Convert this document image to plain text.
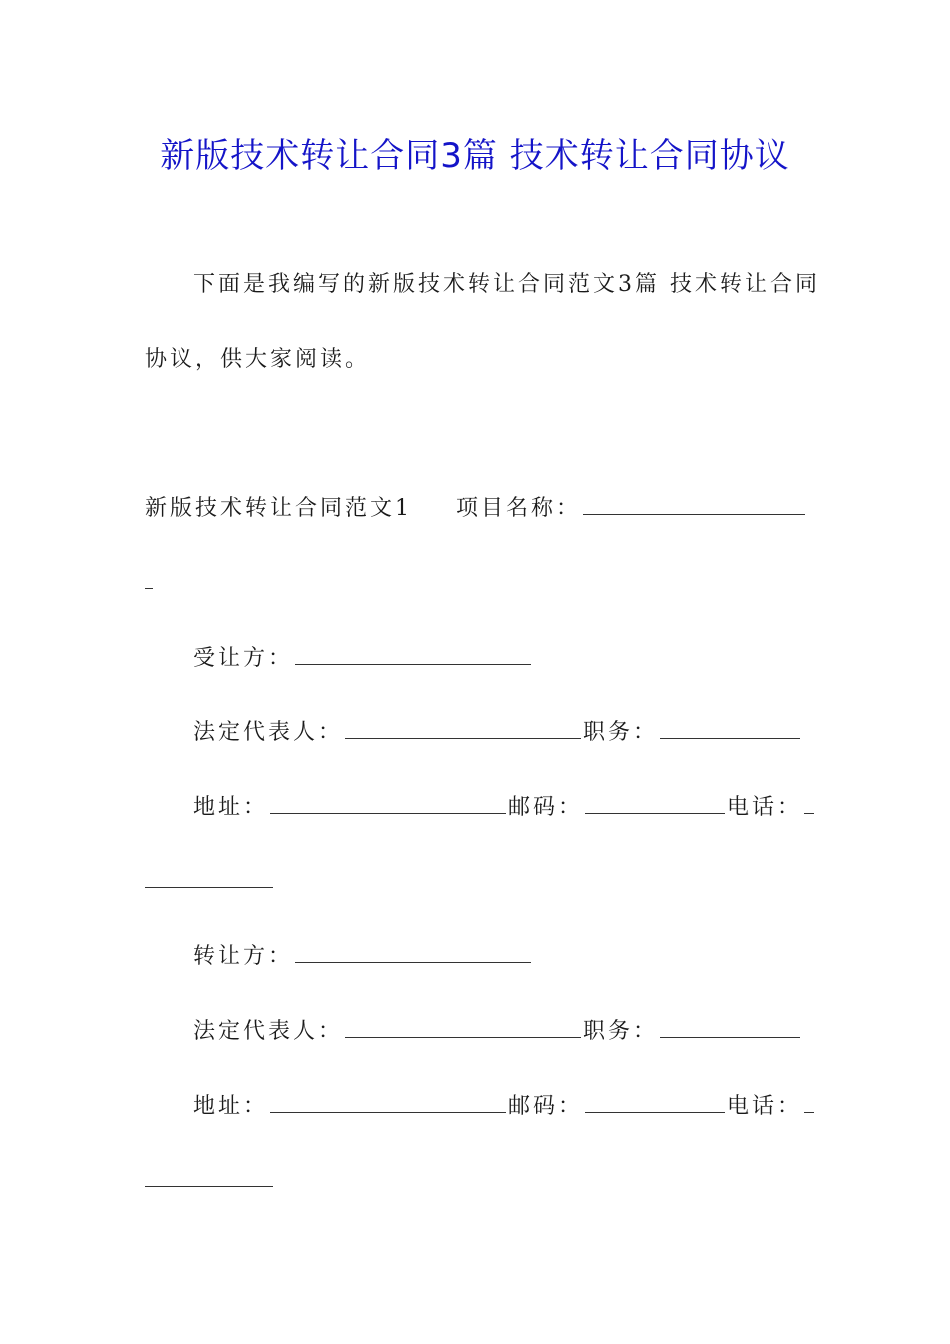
新版技术转让合同3篇 技术转让合同协议
下面是我编写的新版技术转让合同范文3篇 技术转让合同
协议，供大家阅读。
新版技术转让合同范文1 项目名称：
受让方：
法定代表人：	职务：
地址：	邮码：	电话：
转让方：
法定代表人：	职务：
地址：	邮码：	电话：
